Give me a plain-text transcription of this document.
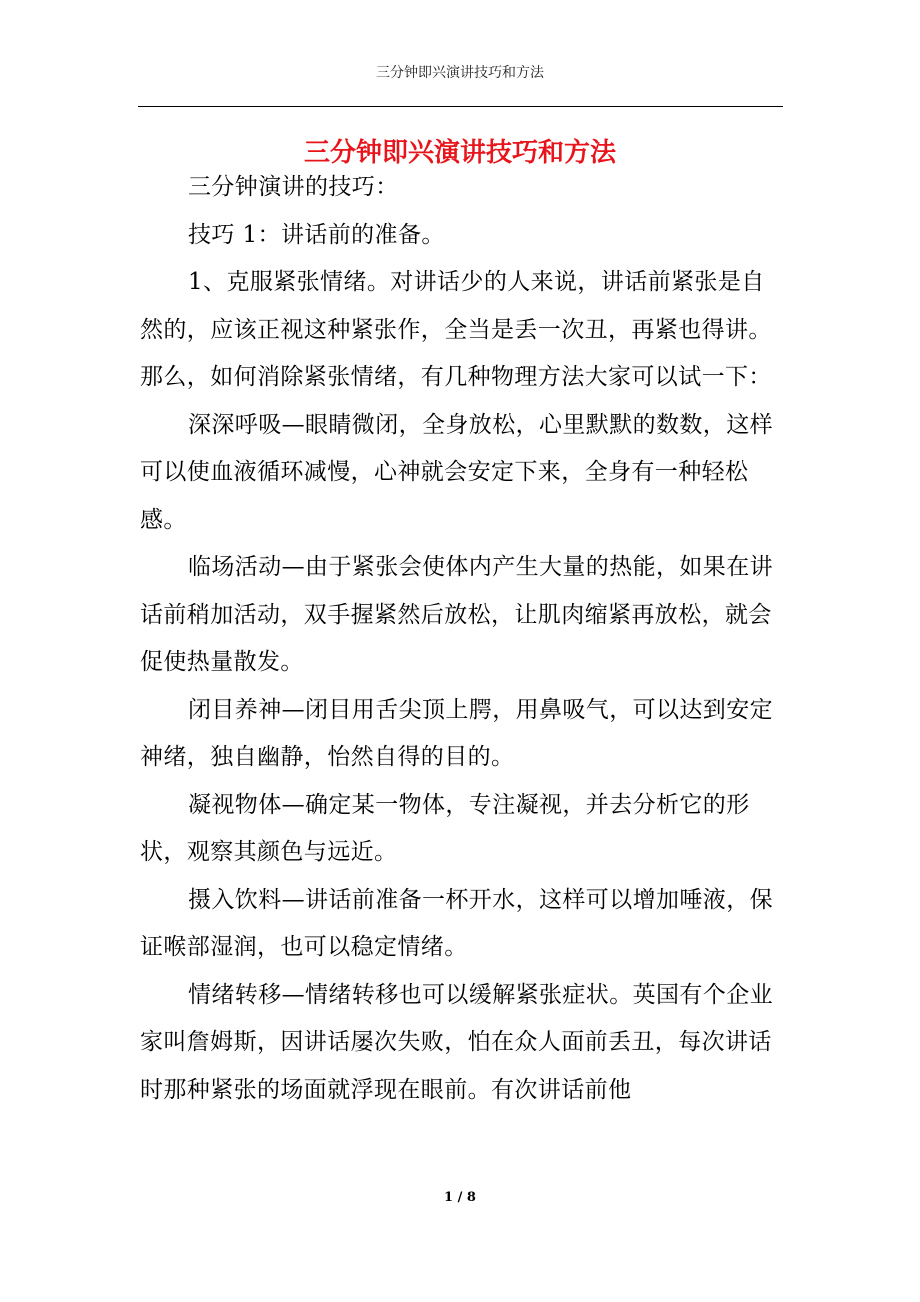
三分钟即兴演讲技巧和方法
三分钟即兴演讲技巧和方法

三分钟演讲的技巧：

技巧 1：讲话前的准备。

1、克服紧张情绪。对讲话少的人来说，讲话前紧张是自然的，应该正视这种紧张作，全当是丢一次丑，再紧也得讲。那么，如何消除紧张情绪，有几种物理方法大家可以试一下：

深深呼吸—眼睛微闭，全身放松，心里默默的数数，这样可以使血液循环减慢，心神就会安定下来，全身有一种轻松感。

临场活动—由于紧张会使体内产生大量的热能，如果在讲话前稍加活动，双手握紧然后放松，让肌肉缩紧再放松，就会促使热量散发。

闭目养神—闭目用舌尖顶上腭，用鼻吸气，可以达到安定神绪，独自幽静，怡然自得的目的。

凝视物体—确定某一物体，专注凝视，并去分析它的形状，观察其颜色与远近。

摄入饮料—讲话前准备一杯开水，这样可以增加唾液，保证喉部湿润，也可以稳定情绪。

情绪转移—情绪转移也可以缓解紧张症状。英国有个企业家叫詹姆斯，因讲话屡次失败，怕在众人面前丢丑，每次讲话时那种紧张的场面就浮现在眼前。有次讲话前他

1 / 8
